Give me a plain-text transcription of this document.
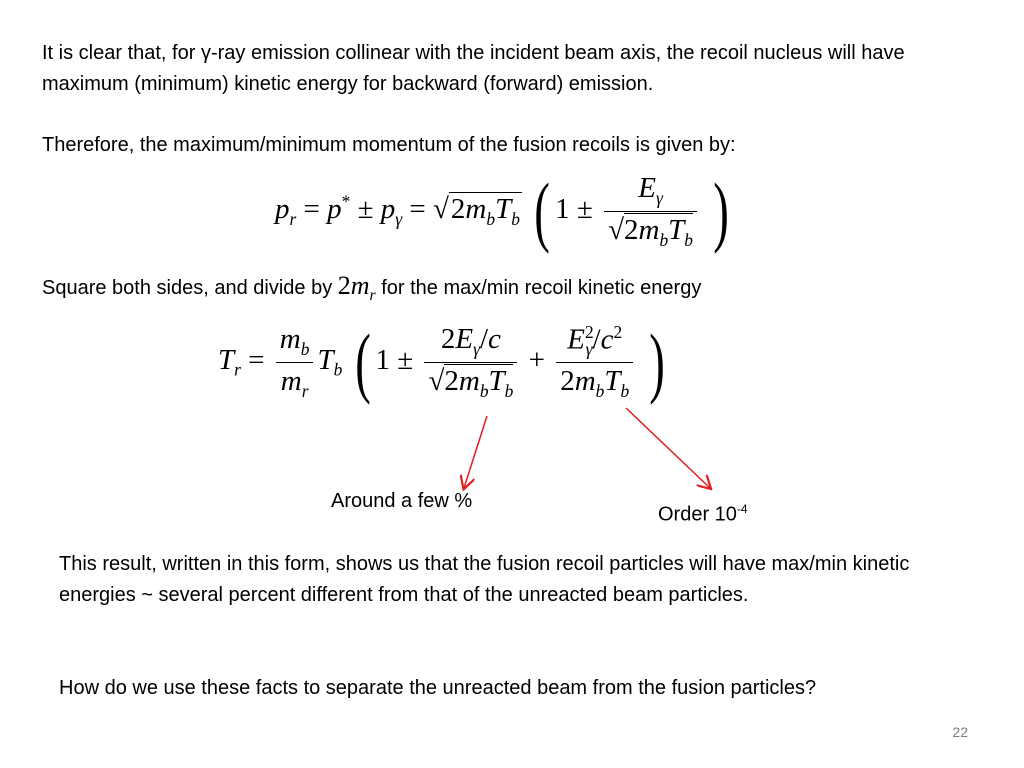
It is clear that, for γ-ray emission collinear with the incident beam axis, the recoil nucleus will have maximum (minimum) kinetic energy for backward (forward) emission.
Therefore, the maximum/minimum momentum of the fusion recoils is given by:
$p_r = p^* \pm p_\gamma = √2m_bT_b$ ( $1 \pm \frac{E_\gamma}{√2m_bT_b}$ )
Square both sides, and divide by $2m_r$ for the max/min recoil kinetic energy
$T_r = \frac{m_b}{m_r} T_b$ ( $1 \pm \frac{2E_\gamma/c}{√2m_bT_b} + \frac{E^2_\gamma/c^2}{2m_bT_b}$ )
Around a few %
Order $10^{-4}$
This result, written in this form, shows us that the fusion recoil particles will have max/min kinetic energies ~ several percent different from that of the unreacted beam particles.
How do we use these facts to separate the unreacted beam from the fusion particles?
22
